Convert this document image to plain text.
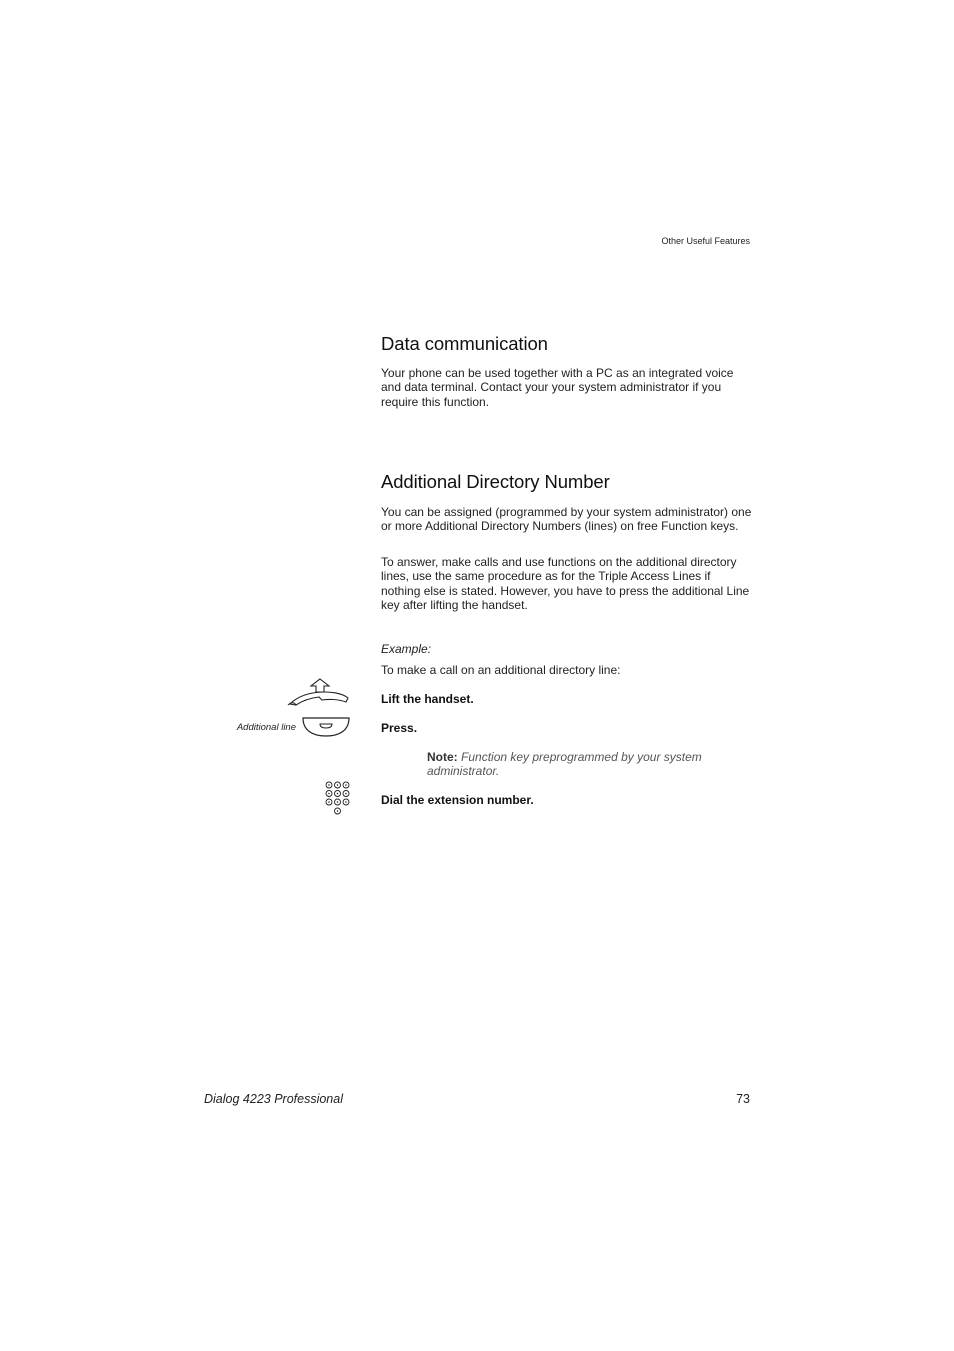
Other Useful Features
Data communication

Your phone can be used together with a PC as an integrated voice and data terminal. Contact your your system administrator if you require this function.

Additional Directory Number

You can be assigned (programmed by your system administrator) one or more Additional Directory Numbers (lines) on free Function keys.

To answer, make calls and use functions on the additional directory lines, use the same procedure as for the Triple Access Lines if nothing else is stated. However, you have to press the additional Line key after lifting the handset.

Example:

To make a call on an additional directory line:

Lift the handset.
Additional line	Press.
Note: Function key preprogrammed by your system administrator.
Dial the extension number.
Dialog 4223 Professional	73
